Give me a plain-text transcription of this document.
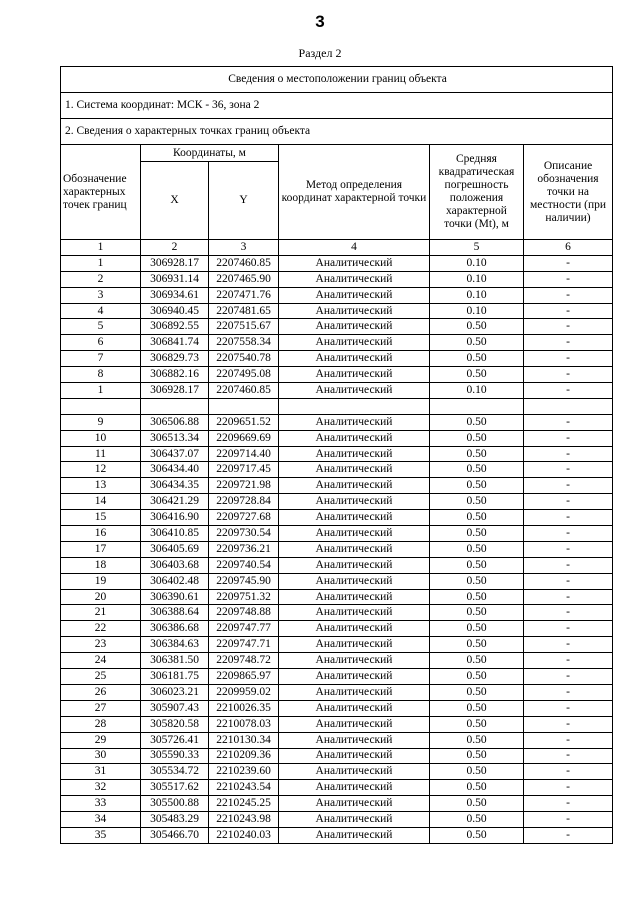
3
Раздел 2
Сведения о местоположении границ объекта					
1. Система координат: МСК - 36, зона 2					
2. Сведения о характерных точках границ объекта					
Обозначение характерных точек границ	Координаты, м		Метод определения координат характерной точки	Средняя квадратическая погрешность положения характерной точки (Mt), м	Описание обозначения точки на местности (при наличии)
	X	Y			
1	2	3	4	5	6
1	306928.17	2207460.85	Аналитический	0.10	-
2	306931.14	2207465.90	Аналитический	0.10	-
3	306934.61	2207471.76	Аналитический	0.10	-
4	306940.45	2207481.65	Аналитический	0.10	-
5	306892.55	2207515.67	Аналитический	0.50	-
6	306841.74	2207558.34	Аналитический	0.50	-
7	306829.73	2207540.78	Аналитический	0.50	-
8	306882.16	2207495.08	Аналитический	0.50	-
1	306928.17	2207460.85	Аналитический	0.10	-

9	306506.88	2209651.52	Аналитический	0.50	-
10	306513.34	2209669.69	Аналитический	0.50	-
11	306437.07	2209714.40	Аналитический	0.50	-
12	306434.40	2209717.45	Аналитический	0.50	-
13	306434.35	2209721.98	Аналитический	0.50	-
14	306421.29	2209728.84	Аналитический	0.50	-
15	306416.90	2209727.68	Аналитический	0.50	-
16	306410.85	2209730.54	Аналитический	0.50	-
17	306405.69	2209736.21	Аналитический	0.50	-
18	306403.68	2209740.54	Аналитический	0.50	-
19	306402.48	2209745.90	Аналитический	0.50	-
20	306390.61	2209751.32	Аналитический	0.50	-
21	306388.64	2209748.88	Аналитический	0.50	-
22	306386.68	2209747.77	Аналитический	0.50	-
23	306384.63	2209747.71	Аналитический	0.50	-
24	306381.50	2209748.72	Аналитический	0.50	-
25	306181.75	2209865.97	Аналитический	0.50	-
26	306023.21	2209959.02	Аналитический	0.50	-
27	305907.43	2210026.35	Аналитический	0.50	-
28	305820.58	2210078.03	Аналитический	0.50	-
29	305726.41	2210130.34	Аналитический	0.50	-
30	305590.33	2210209.36	Аналитический	0.50	-
31	305534.72	2210239.60	Аналитический	0.50	-
32	305517.62	2210243.54	Аналитический	0.50	-
33	305500.88	2210245.25	Аналитический	0.50	-
34	305483.29	2210243.98	Аналитический	0.50	-
35	305466.70	2210240.03	Аналитический	0.50	-
